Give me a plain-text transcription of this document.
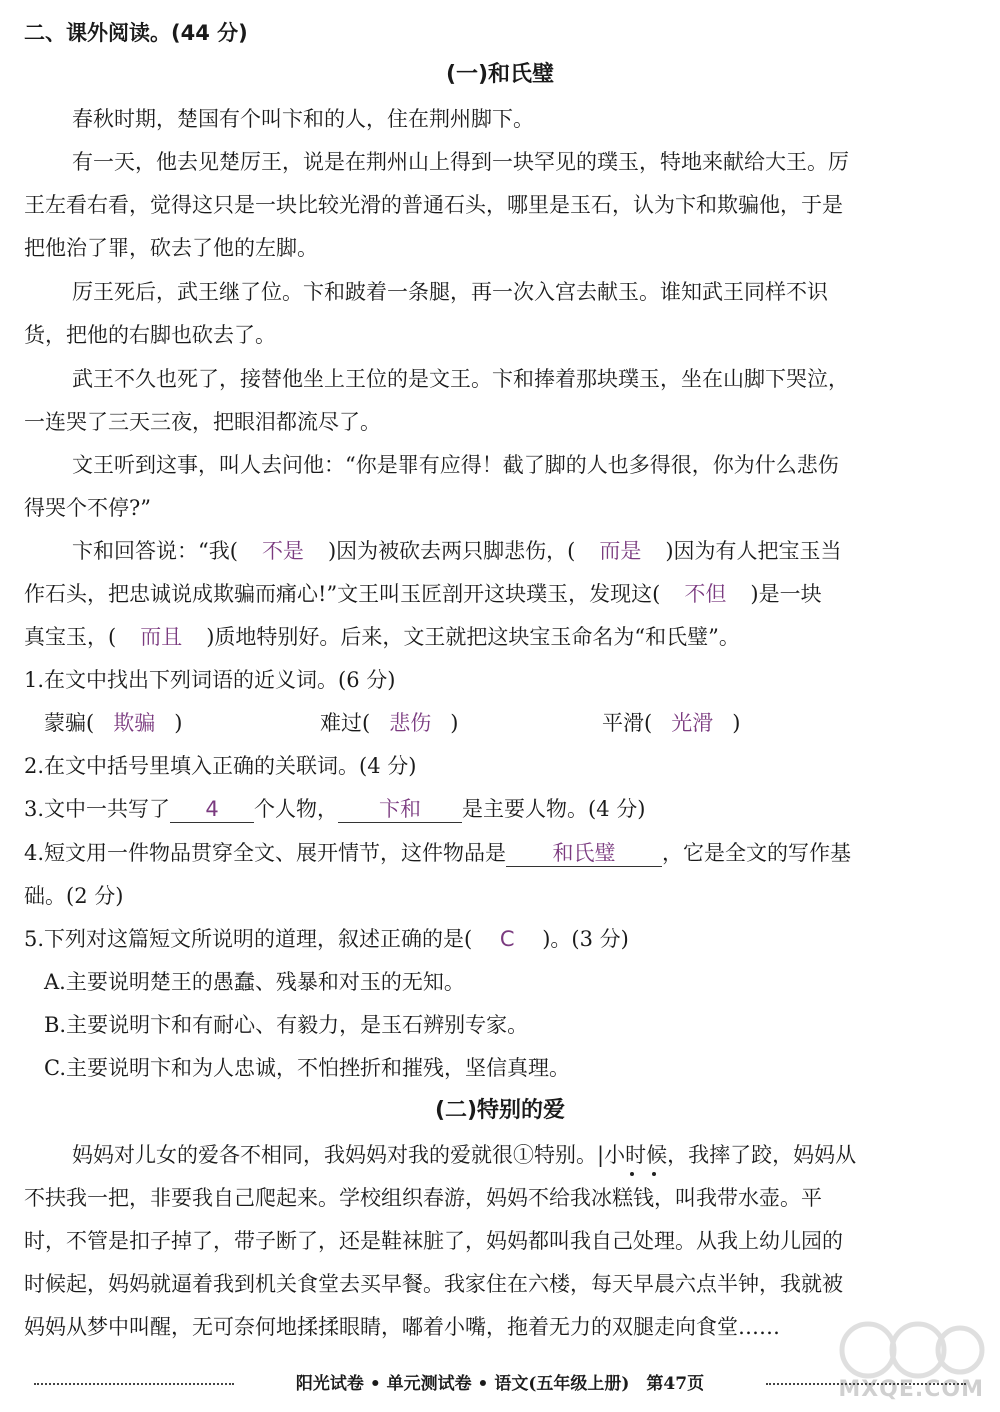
二、课外阅读。(44 分)
(一)和氏璧
春秋时期，楚国有个叫卞和的人，住在荆州脚下。
有一天，他去见楚厉王，说是在荆州山上得到一块罕见的璞玉，特地来献给大王。厉
王左看右看，觉得这只是一块比较光滑的普通石头，哪里是玉石，认为卞和欺骗他，于是
把他治了罪，砍去了他的左脚。
厉王死后，武王继了位。卞和跛着一条腿，再一次入宫去献玉。谁知武王同样不识
货，把他的右脚也砍去了。
武王不久也死了，接替他坐上王位的是文王。卞和捧着那块璞玉，坐在山脚下哭泣，
一连哭了三天三夜，把眼泪都流尽了。
文王听到这事，叫人去问他：“你是罪有应得！截了脚的人也多得很，你为什么悲伤
得哭个不停?”
卞和回答说：“我( 不是 )因为被砍去两只脚悲伤，( 而是 )因为有人把宝玉当
作石头，把忠诚说成欺骗而痛心!”文王叫玉匠剖开这块璞玉，发现这( 不但 )是一块
真宝玉，( 而且 )质地特别好。后来，文王就把这块宝玉命名为“和氏璧”。
1.在文中找出下列词语的近义词。(6 分)
蒙骗( 欺骗 )	难过( 悲伤 )	平滑( 光滑 )
2.在文中括号里填入正确的关联词。(4 分)
3.文中一共写了 4 个人物， 卞和 是主要人物。(4 分)
4.短文用一件物品贯穿全文、展开情节，这件物品是 和氏璧 ，它是全文的写作基
础。(2 分)
5.下列对这篇短文所说明的道理，叙述正确的是( C )。(3 分)
A.主要说明楚王的愚蠢、残暴和对玉的无知。
B.主要说明卞和有耐心、有毅力，是玉石辨别专家。
C.主要说明卞和为人忠诚，不怕挫折和摧残，坚信真理。
(二)特别的爱
妈妈对儿女的爱各不相同，我妈妈对我的爱就很①特别。|小时候，我摔了跤，妈妈从
不扶我一把，非要我自己爬起来。学校组织春游，妈妈不给我冰糕钱，叫我带水壶。平
时，不管是扣子掉了，带子断了，还是鞋袜脏了，妈妈都叫我自己处理。从我上幼儿园的
时候起，妈妈就逼着我到机关食堂去买早餐。我家住在六楼，每天早晨六点半钟，我就被
妈妈从梦中叫醒，无可奈何地揉揉眼睛，嘟着小嘴，拖着无力的双腿走向食堂……
MXQE.COM
阳光试卷 • 单元测试卷 • 语文(五年级上册)　第47页
